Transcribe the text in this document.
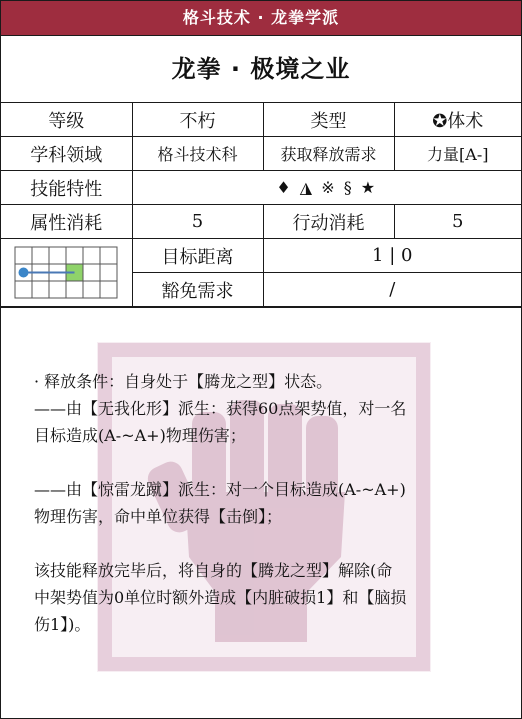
格斗技术 · 龙拳学派
龙拳 · 极境之业
等级	不朽	类型	✪体术
学科领域	格斗技术科	获取释放需求	力量[A-]
技能特性	♦ ◮ ※ § ★		
属性消耗	5	行动消耗	5

	目标距离	1 | 0	
	豁免需求	/	

· 释放条件：自身处于【腾龙之型】状态。

——由【无我化形】派生：获得60点架势值，对一名

目标造成(A-~A+)物理伤害；

——由【惊雷龙蹴】派生：对一个目标造成(A-~A+)

物理伤害，命中单位获得【击倒】；

该技能释放完毕后，将自身的【腾龙之型】解除(命

中架势值为0单位时额外造成【内脏破损1】和【脑损

伤1】)。
